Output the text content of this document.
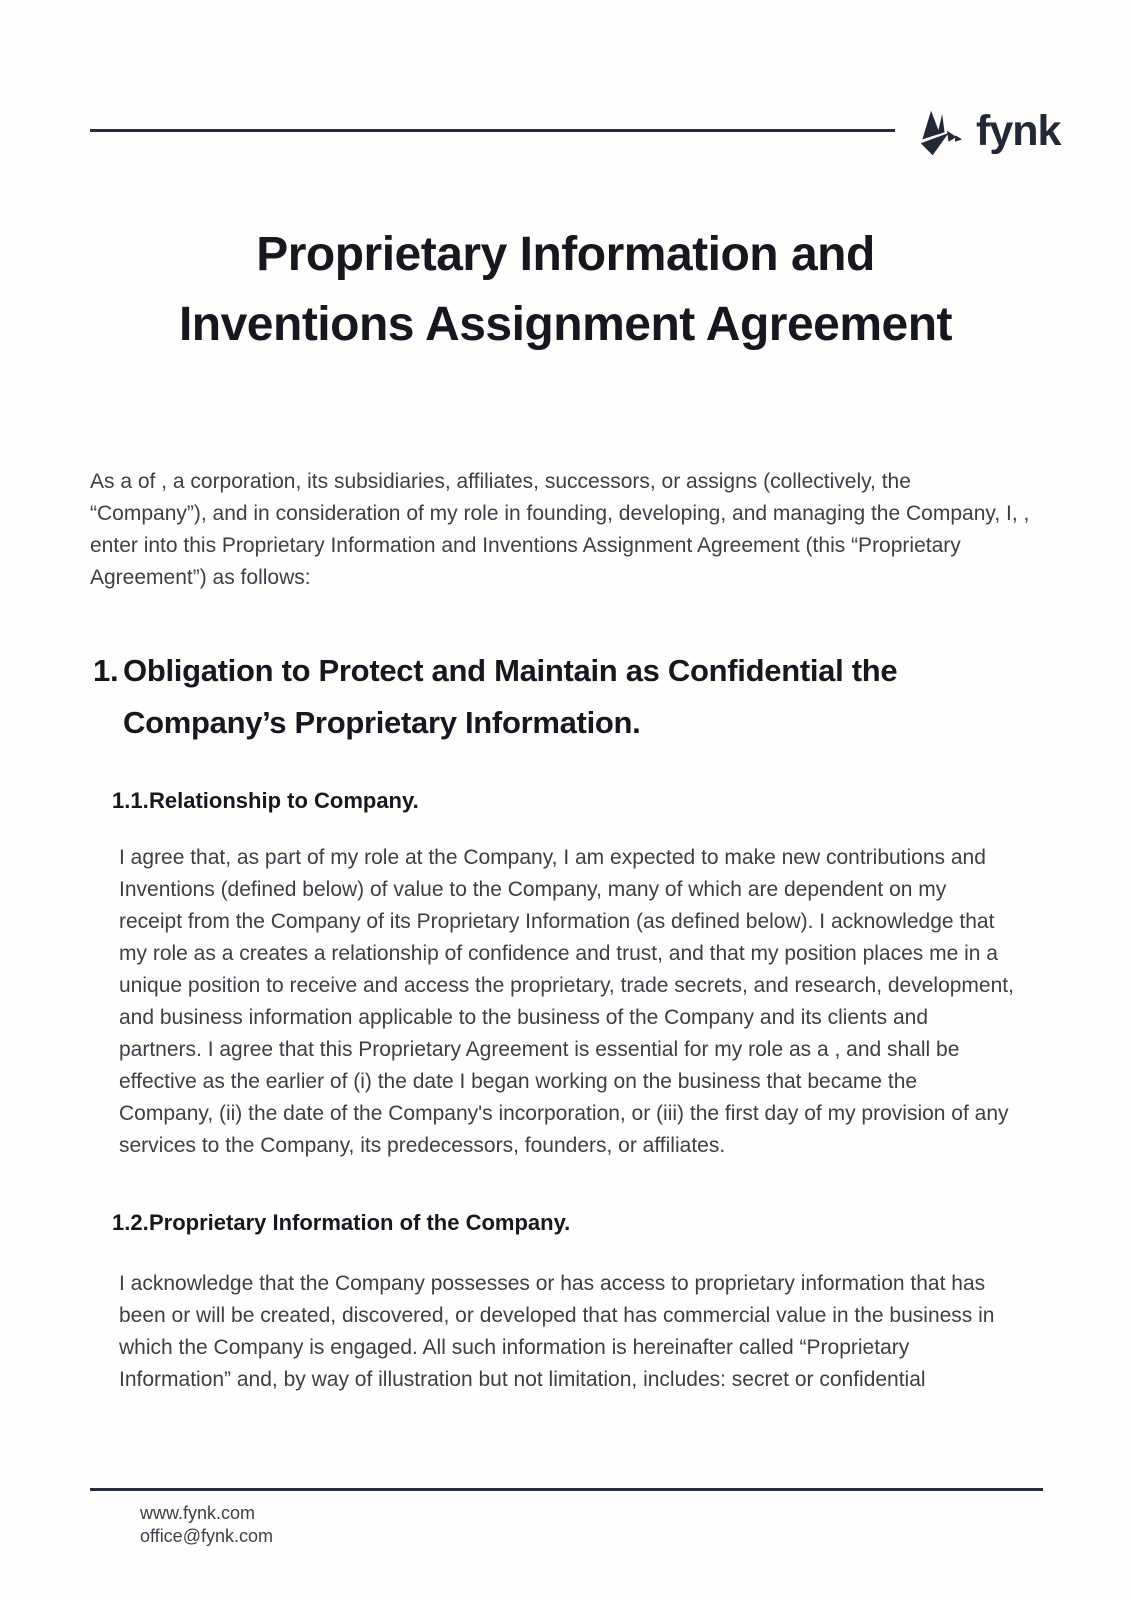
fynk
Proprietary Information and
Inventions Assignment Agreement

As a of , a corporation, its subsidiaries, affiliates, successors, or assigns (collectively, the “Company”), and in consideration of my role in founding, developing, and managing the Company, I, , enter into this Proprietary Information and Inventions Assignment Agreement (this “Proprietary Agreement”) as follows:

1. Obligation to Protect and Maintain as Confidential the Company’s Proprietary Information.
1.1. Relationship to Company.

I agree that, as part of my role at the Company, I am expected to make new contributions and Inventions (defined below) of value to the Company, many of which are dependent on my receipt from the Company of its Proprietary Information (as defined below). I acknowledge that my role as a creates a relationship of confidence and trust, and that my position places me in a unique position to receive and access the proprietary, trade secrets, and research, development, and business information applicable to the business of the Company and its clients and partners. I agree that this Proprietary Agreement is essential for my role as a , and shall be effective as the earlier of (i) the date I began working on the business that became the Company, (ii) the date of the Company's incorporation, or (iii) the first day of my provision of any services to the Company, its predecessors, founders, or affiliates.

1.2. Proprietary Information of the Company.

I acknowledge that the Company possesses or has access to proprietary information that has been or will be created, discovered, or developed that has commercial value in the business in which the Company is engaged. All such information is hereinafter called “Proprietary Information” and, by way of illustration but not limitation, includes: secret or confidential

www.fynk.com
office@fynk.com
